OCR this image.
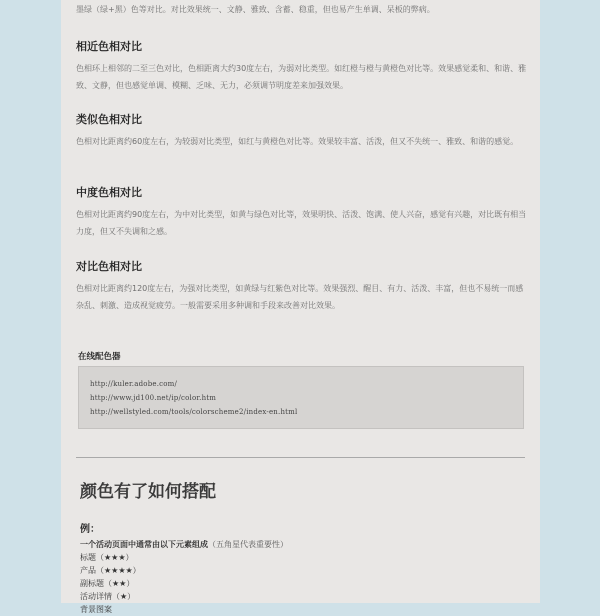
墨绿（绿+黑）色等对比。对比效果统一、文静、雅致、含蓄、稳重，但也易产生单调、呆板的弊病。
相近色相对比

色相环上相邻的二至三色对比，色相距离大约30度左右，为弱对比类型。如红橙与橙与黄橙色对比等。效果感觉柔和、和谐、雅致、文静，但也感觉单调、模糊、乏味、无力，必须调节明度差来加强效果。

类似色相对比

色相对比距离约60度左右，为较弱对比类型，如红与黄橙色对比等。效果较丰富、活泼，但又不失统一、雅致、和谐的感觉。

中度色相对比

色相对比距离约90度左右，为中对比类型，如黄与绿色对比等，效果明快、活泼、饱满、使人兴奋，感觉有兴趣，对比既有相当力度，但又不失调和之感。

对比色相对比

色相对比距离约120度左右，为强对比类型，如黄绿与红紫色对比等。效果强烈、醒目、有力、活泼、丰富，但也不易统一而感杂乱、刺激、造成视觉疲劳。一般需要采用多种调和手段来改善对比效果。

在线配色器
http://kuler.adobe.com/
http://www.jd100.net/ip/color.htm
http://wellstyled.com/tools/colorscheme2/index-en.html
颜色有了如何搭配
例：
一个活动页面中通常由以下元素组成（五角星代表重要性）
标题（★★★）
产品（★★★★）
副标题（★★）
活动详情（★）
背景图案
